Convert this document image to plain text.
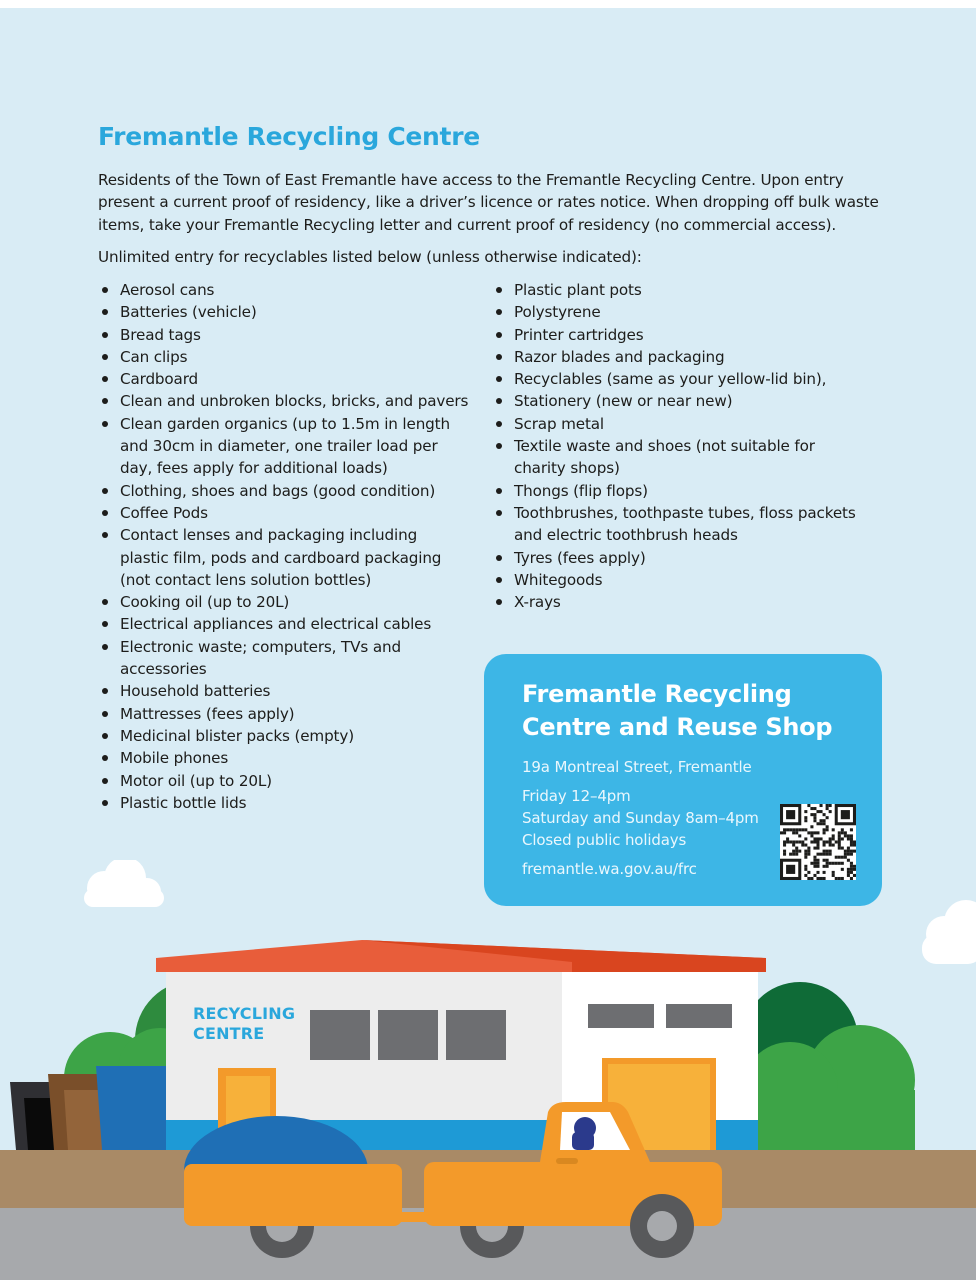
Fremantle Recycling Centre

Residents of the Town of East Fremantle have access to the Fremantle Recycling Centre. Upon entry present a current proof of residency, like a driver’s licence or rates notice. When dropping off bulk waste items, take your Fremantle Recycling letter and current proof of residency (no commercial access).

Unlimited entry for recyclables listed below (unless otherwise indicated):

Aerosol cans
Batteries (vehicle)
Bread tags
Can clips
Cardboard
Clean and unbroken blocks, bricks, and pavers
Clean garden organics (up to 1.5m in length and 30cm in diameter, one trailer load per day, fees apply for additional loads)
Clothing, shoes and bags (good condition)
Coffee Pods
Contact lenses and packaging including plastic film, pods and cardboard packaging (not contact lens solution bottles)
Cooking oil (up to 20L)
Electrical appliances and electrical cables
Electronic waste; computers, TVs and accessories
Household batteries
Mattresses (fees apply)
Medicinal blister packs (empty)
Mobile phones
Motor oil (up to 20L)
Plastic bottle lids
Plastic plant pots
Polystyrene
Printer cartridges
Razor blades and packaging
Recyclables (same as your yellow-lid bin),
Stationery (new or near new)
Scrap metal
Textile waste and shoes (not suitable for charity shops)
Thongs (flip flops)
Toothbrushes, toothpaste tubes, floss packets and electric toothbrush heads
Tyres (fees apply)
Whitegoods
X-rays
RECYCLING
CENTRE
Fremantle Recycling Centre and Reuse Shop
19a Montreal Street, Fremantle
Friday 12–4pm
Saturday and Sunday 8am–4pm
Closed public holidays
fremantle.wa.gov.au/frc
